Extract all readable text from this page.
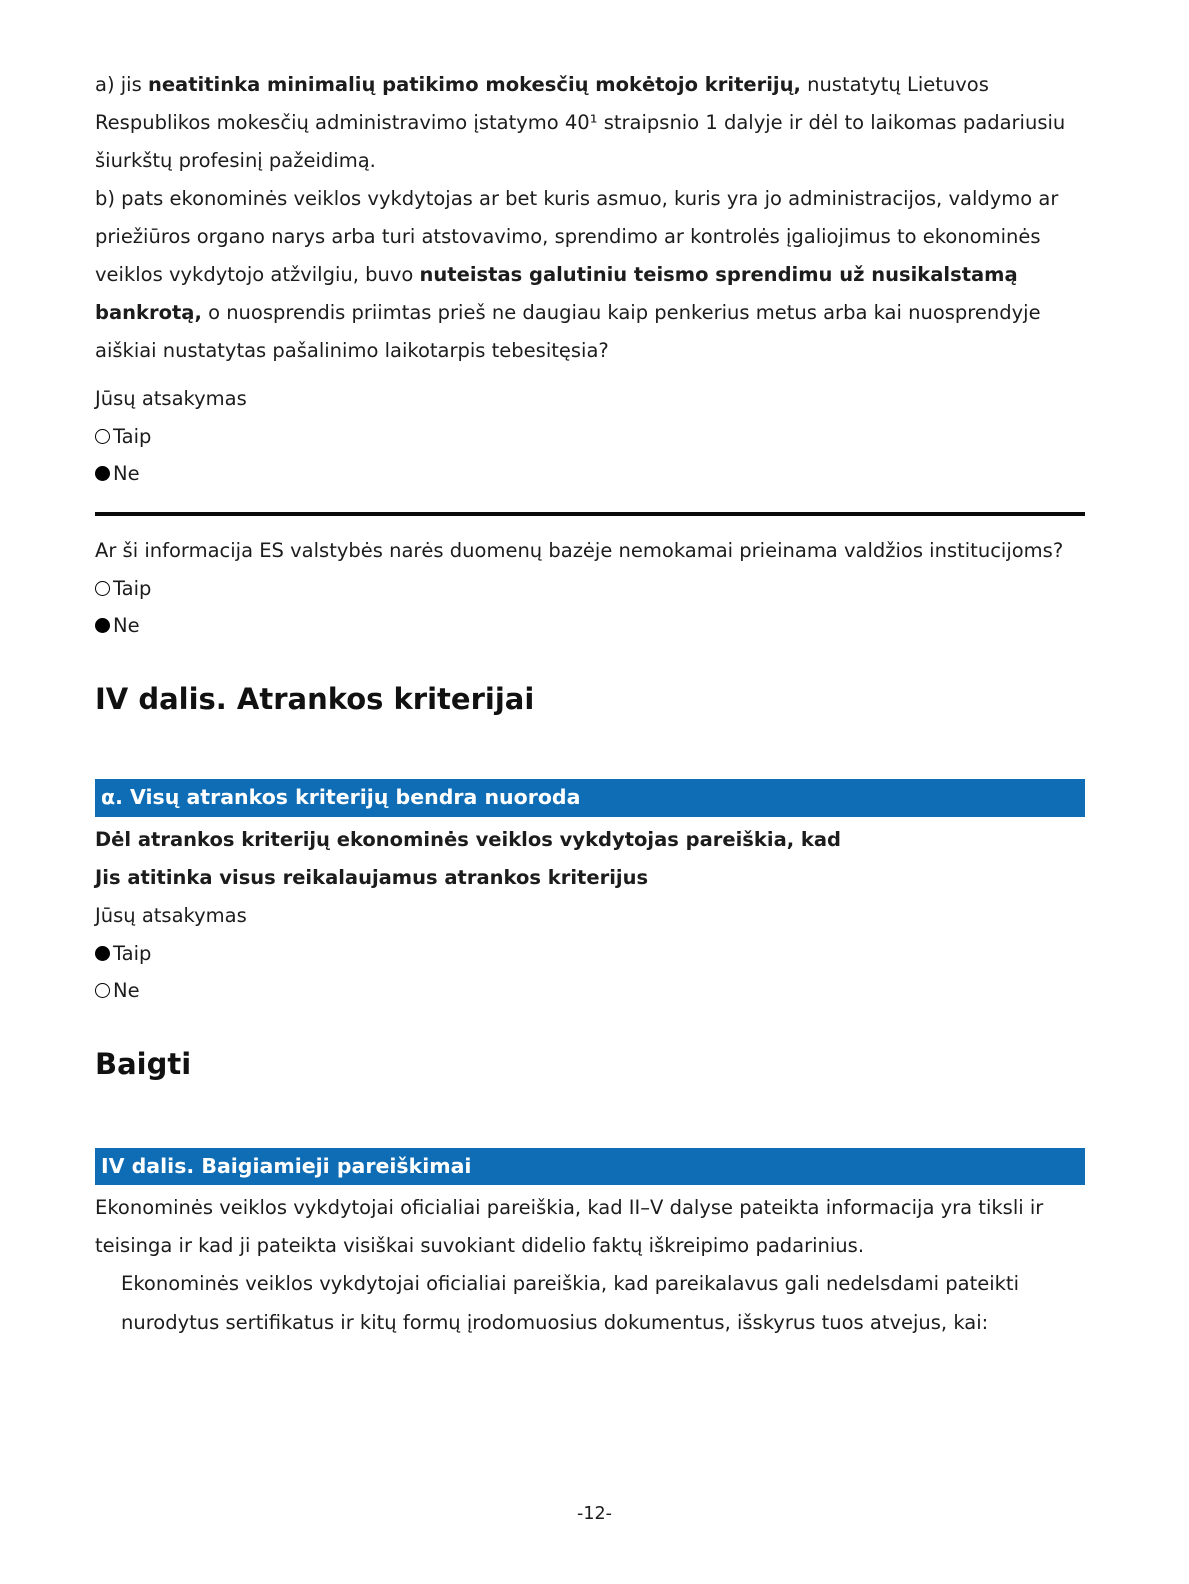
a) jis neatitinka minimalių patikimo mokesčių mokėtojo kriterijų, nustatytų Lietuvos Respublikos mokesčių administravimo įstatymo 40¹ straipsnio 1 dalyje ir dėl to laikomas padariusiu šiurkštų profesinį pažeidimą.

b) pats ekonominės veiklos vykdytojas ar bet kuris asmuo, kuris yra jo administracijos, valdymo ar priežiūros organo narys arba turi atstovavimo, sprendimo ar kontrolės įgaliojimus to ekonominės veiklos vykdytojo atžvilgiu, buvo nuteistas galutiniu teismo sprendimu už nusikalstamą bankrotą, o nuosprendis priimtas prieš ne daugiau kaip penkerius metus arba kai nuosprendyje aiškiai nustatytas pašalinimo laikotarpis tebesitęsia?

Jūsų atsakymas
Taip
Ne

Ar ši informacija ES valstybės narės duomenų bazėje nemokamai prieinama valdžios institucijoms?

Taip
Ne
IV dalis. Atrankos kriterijai
α. Visų atrankos kriterijų bendra nuoroda
Dėl atrankos kriterijų ekonominės veiklos vykdytojas pareiškia, kad
Jis atitinka visus reikalaujamus atrankos kriterijus
Jūsų atsakymas
Taip
Ne
Baigti
IV dalis. Baigiamieji pareiškimai

Ekonominės veiklos vykdytojai oficialiai pareiškia, kad II–V dalyse pateikta informacija yra tiksli ir teisinga ir kad ji pateikta visiškai suvokiant didelio faktų iškreipimo padarinius.

Ekonominės veiklos vykdytojai oficialiai pareiškia, kad pareikalavus gali nedelsdami pateikti nurodytus sertifikatus ir kitų formų įrodomuosius dokumentus, išskyrus tuos atvejus, kai:

-12-
